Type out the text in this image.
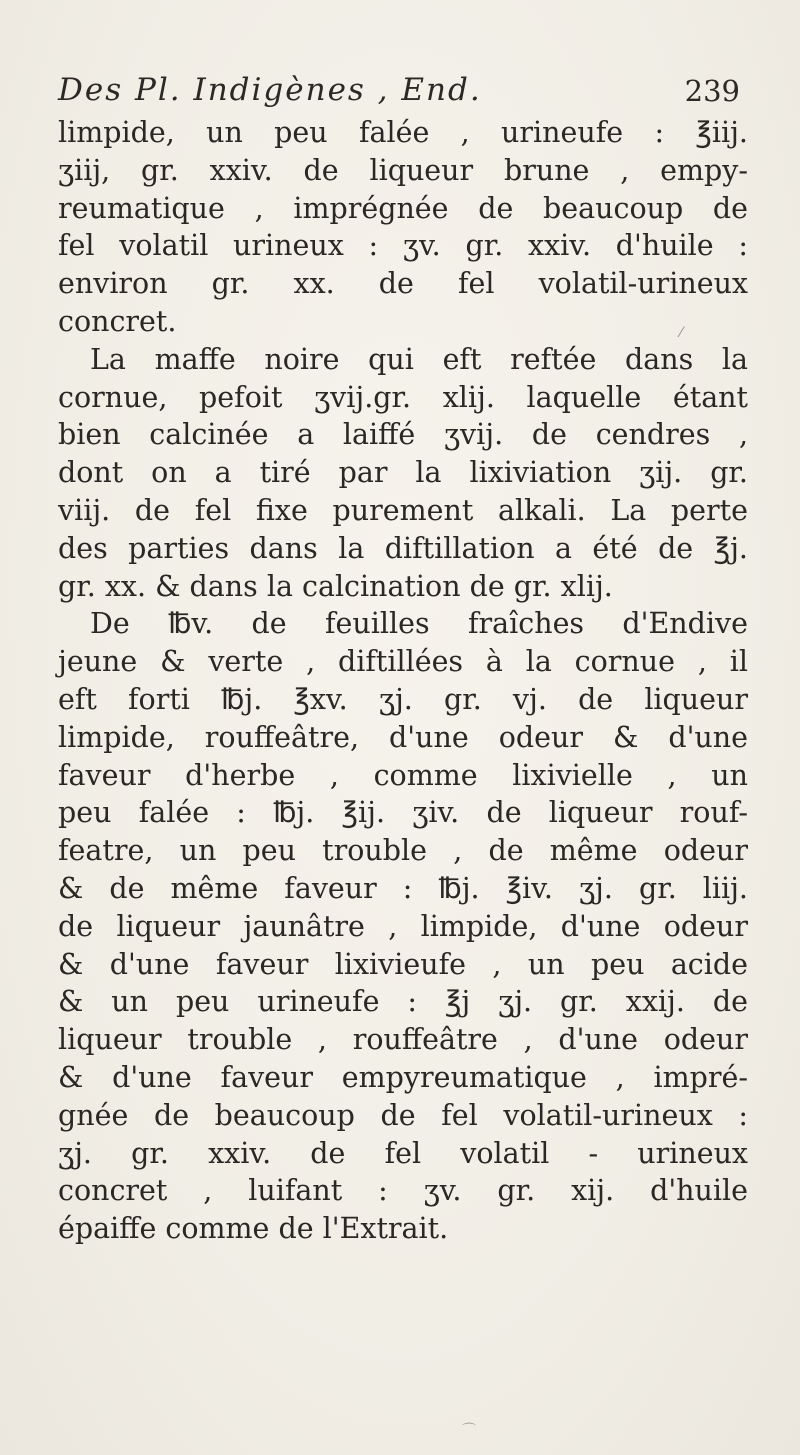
Des Pl. Indigènes , End.	239
limpide, un peu falée , urineufe : ℥iij.
ʒiij, gr. xxiv. de liqueur brune , empy-
reumatique , imprégnée de beaucoup de
fel volatil urineux : ʒv. gr. xxiv. d'huile :
environ gr. xx. de fel volatil-urineux
concret.
La maffe noire qui eft reftée dans la
cornue, pefoit ʒvij.gr. xlij. laquelle étant
bien calcinée a laiffé ʒvij. de cendres ,
dont on a tiré par la lixiviation ʒij. gr.
viij. de fel fixe purement alkali. La perte
des parties dans la diftillation a été de ℥j.
gr. xx. & dans la calcination de gr. xlij.
De ℔v. de feuilles fraîches d'Endive
jeune & verte , diftillées à la cornue , il
eft forti ℔j. ℥xv. ʒj. gr. vj. de liqueur
limpide, rouffeâtre, d'une odeur & d'une
faveur d'herbe , comme lixivielle , un
peu falée : ℔j. ℥ij. ʒiv. de liqueur rouf-
featre, un peu trouble , de même odeur
& de même faveur : ℔j. ℥iv. ʒj. gr. liij.
de liqueur jaunâtre , limpide, d'une odeur
& d'une faveur lixivieufe , un peu acide
& un peu urineufe : ℥j ʒj. gr. xxij. de
liqueur trouble , rouffeâtre , d'une odeur
& d'une faveur empyreumatique , impré-
gnée de beaucoup de fel volatil-urineux :
ʒj. gr. xxiv. de fel volatil - urineux
concret , luifant : ʒv. gr. xij. d'huile
épaiffe comme de l'Extrait.
⁄
⌒
